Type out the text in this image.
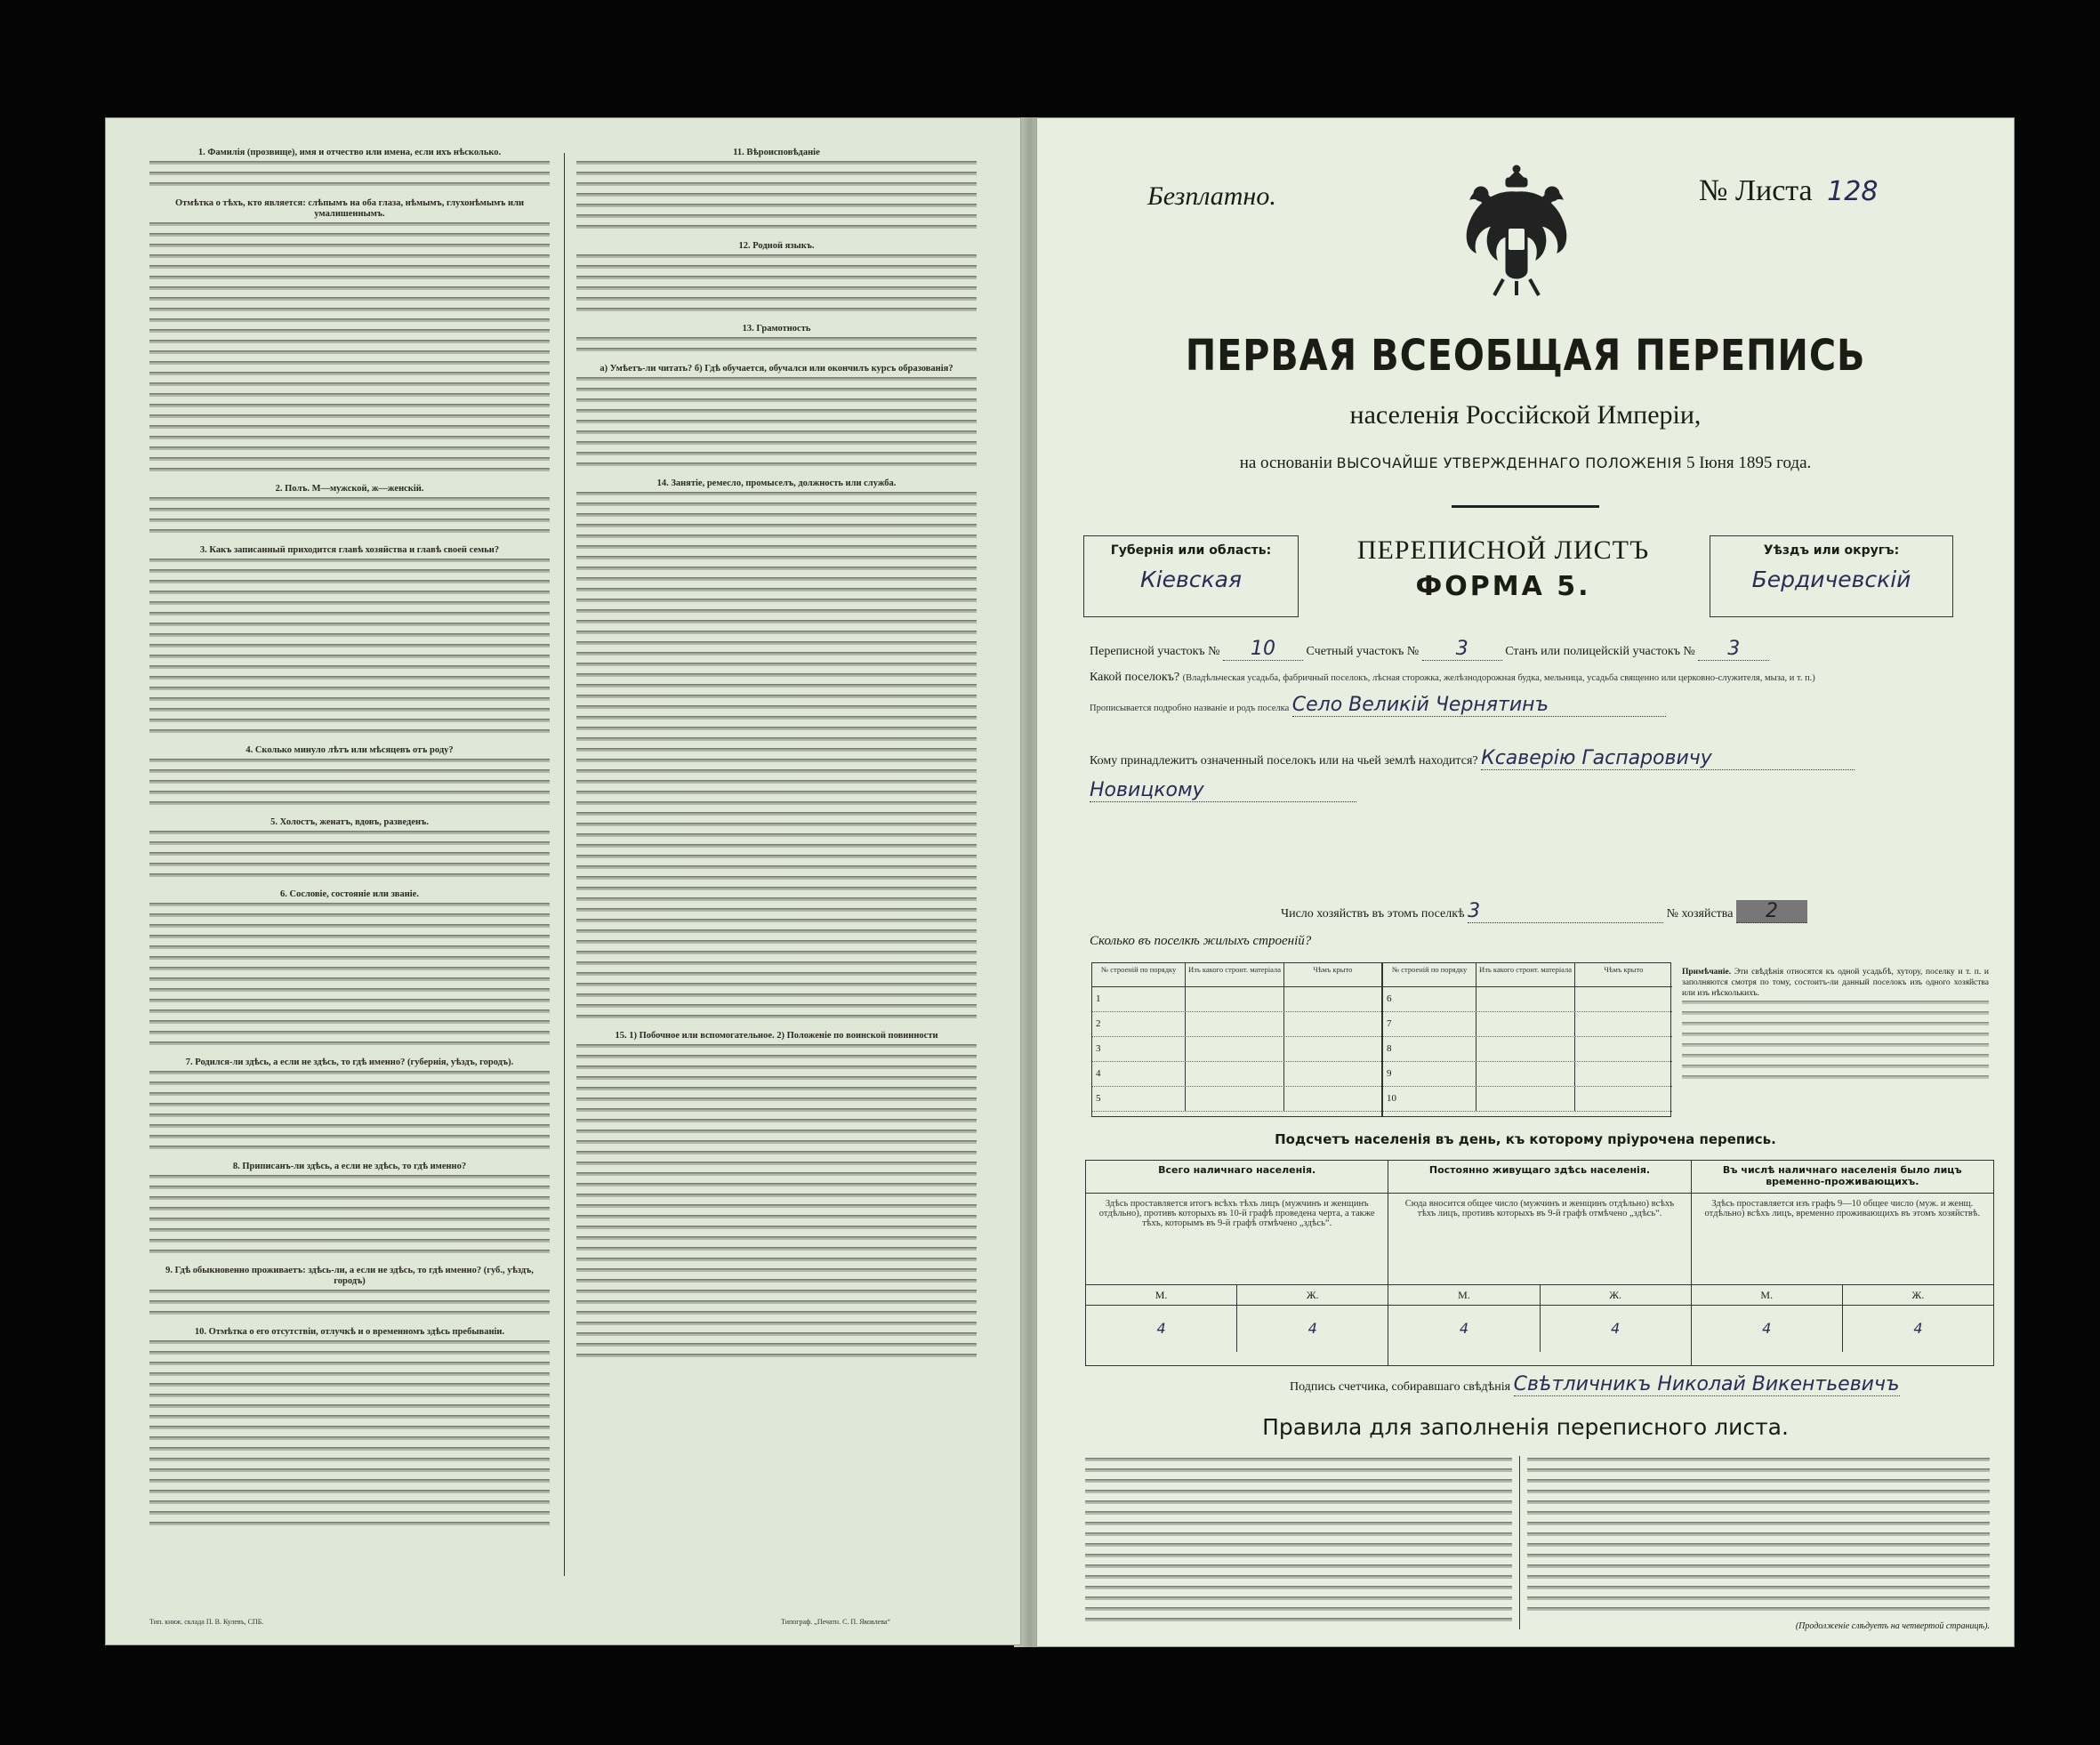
1. Фамилія (прозвище), имя и отчество или имена, если ихъ нѣсколько.
Отмѣтка о тѣхъ, кто является: слѣпымъ на оба глаза, нѣмымъ, глухонѣмымъ или умалишеннымъ.
2. Полъ. М—мужской, ж—женскій.
3. Какъ записанный приходится главѣ хозяйства и главѣ своей семьи?
4. Сколько минуло лѣтъ или мѣсяцевъ отъ роду?
5. Холостъ, женатъ, вдовъ, разведенъ.
6. Сословіе, состояніе или званіе.
7. Родился-ли здѣсь, а если не здѣсь, то гдѣ именно? (губернія, уѣздъ, городъ).
8. Приписанъ-ли здѣсь, а если не здѣсь, то гдѣ именно?
9. Гдѣ обыкновенно проживаетъ: здѣсь-ли, а если не здѣсь, то гдѣ именно? (губ., уѣздъ, городъ)
10. Отмѣтка о его отсутствіи, отлучкѣ и о временномъ здѣсь пребываніи.
11. Вѣроисповѣданіе
12. Родной языкъ.
13. Грамотность
а) Умѣетъ-ли читать? б) Гдѣ обучается, обучался или окончилъ курсъ образованія?
14. Занятіе, ремесло, промыселъ, должность или служба.
15. 1) Побочное или вспомогательное. 2) Положеніе по воинской повинности
Тип. книж. склада П. В. Кулевъ, СПБ.	Типограф. „Печатн. С. П. Яковлева“
Безплатно.	№ Листа 128
ПЕРВАЯ ВСЕОБЩАЯ ПЕРЕПИСЬ
населенія Россійской Имперіи,
на основаніи ВЫСОЧАЙШЕ УТВЕРЖДЕННАГО ПОЛОЖЕНІЯ 5 Іюня 1895 года.
Губернія или область:
Кіевская
ПЕРЕПИСНОЙ ЛИСТЪ
ФОРМА 5.
Уѣздъ или округъ:
Бердичевскій
Переписной участокъ № 10 Счетный участокъ № 3	Станъ или полицейскій участокъ № 3
Какой поселокъ? (Владѣльческая усадьба, фабричный поселокъ, лѣсная сторожка, желѣзнодорожная будка, мельница, усадьба священно или церковно-служителя, мыза, и т. п.)
Прописывается подробно названіе и родъ поселка Село Великій Чернятинъ
Кому принадлежитъ означенный поселокъ или на чьей землѣ находится? Ксаверію Гаспаровичу
Новицкому
Число хозяйствъ въ этомъ поселкѣ 3	№ хозяйства 2
Сколько въ поселкѣ жилыхъ строеній?
№ строеній по порядку	Изъ какого строит. матеріала	Чѣмъ крыто
1
2
3
4
5
№ строеній по порядку	Изъ какого строит. матеріала	Чѣмъ крыто
6
7
8
9
10
Примѣчаніе. Эти свѣдѣнія относятся къ одной усадьбѣ, хутору, поселку и т. п. и заполняются смотря по тому, состоитъ-ли данный поселокъ изъ одного хозяйства или изъ нѣсколькихъ.
Подсчетъ населенія въ день, къ которому пріурочена перепись.
Всего наличнаго населенія.
Здѣсь проставляется итогъ всѣхъ тѣхъ лицъ (мужчинъ и женщинъ отдѣльно), противъ которыхъ въ 10-й графѣ проведена черта, а также тѣхъ, которымъ въ 9-й графѣ отмѣчено „здѣсь“.
М.	Ж.
4	4
Постоянно живущаго здѣсь населенія.
Сюда вносится общее число (мужчинъ и женщинъ отдѣльно) всѣхъ тѣхъ лицъ, противъ которыхъ въ 9-й графѣ отмѣчено „здѣсь“.
М.	Ж.
4	4
Въ числѣ наличнаго населенія было лицъ временно-проживающихъ.
Здѣсь проставляется изъ графъ 9—10 общее число (муж. и женщ. отдѣльно) всѣхъ лицъ, временно проживающихъ въ этомъ хозяйствѣ.
М.	Ж.
4	4
Подпись счетчика, собиравшаго свѣдѣнія Свѣтличникъ Николай Викентьевичъ
Правила для заполненія переписного листа.
(Продолженіе слѣдуетъ на четвертой страницѣ).
